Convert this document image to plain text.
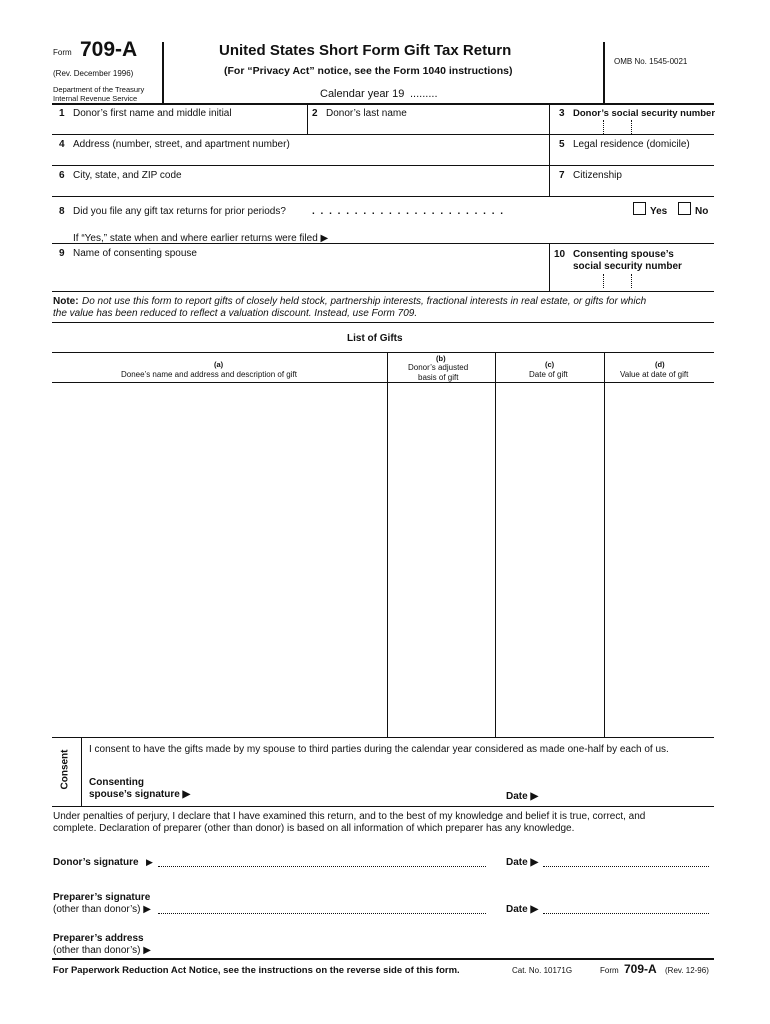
Form 709-A
(Rev. December 1996)
Department of the Treasury
Internal Revenue Service
United States Short Form Gift Tax Return
(For “Privacy Act” notice, see the Form 1040 instructions)
Calendar year 19 .........
OMB No. 1545-0021
1 Donor’s first name and middle initial	2 Donor’s last name	3 Donor’s social security number
4 Address (number, street, and apartment number)	5 Legal residence (domicile)
6 City, state, and ZIP code	7 Citizenship
8 Did you file any gift tax returns for prior periods?	. . . . . . . . . . . . . . . . . . . . . . .	Yes	No
If “Yes,” state when and where earlier returns were filed ▶
9 Name of consenting spouse	10 Consenting spouse’s
social security number
Note: Do not use this form to report gifts of closely held stock, partnership interests, fractional interests in real estate, or gifts for which
the value has been reduced to reflect a valuation discount. Instead, use Form 709.
List of Gifts
(a)
Donee’s name and address and description of gift
(b)
Donor’s adjusted
basis of gift
(c)
Date of gift
(d)
Value at date of gift
Consent I consent to have the gifts made by my spouse to third parties during the calendar year considered as made one-half by each of us.
Consenting
spouse’s signature ▶	Date ▶
Under penalties of perjury, I declare that I have examined this return, and to the best of my knowledge and belief it is true, correct, and
complete. Declaration of preparer (other than donor) is based on all information of which preparer has any knowledge.
Donor’s signature ▶	Date ▶
Preparer’s signature
(other than donor’s) ▶	Date ▶
Preparer’s address
(other than donor’s) ▶
For Paperwork Reduction Act Notice, see the instructions on the reverse side of this form.	Cat. No. 10171G	Form 709-A (Rev. 12-96)
